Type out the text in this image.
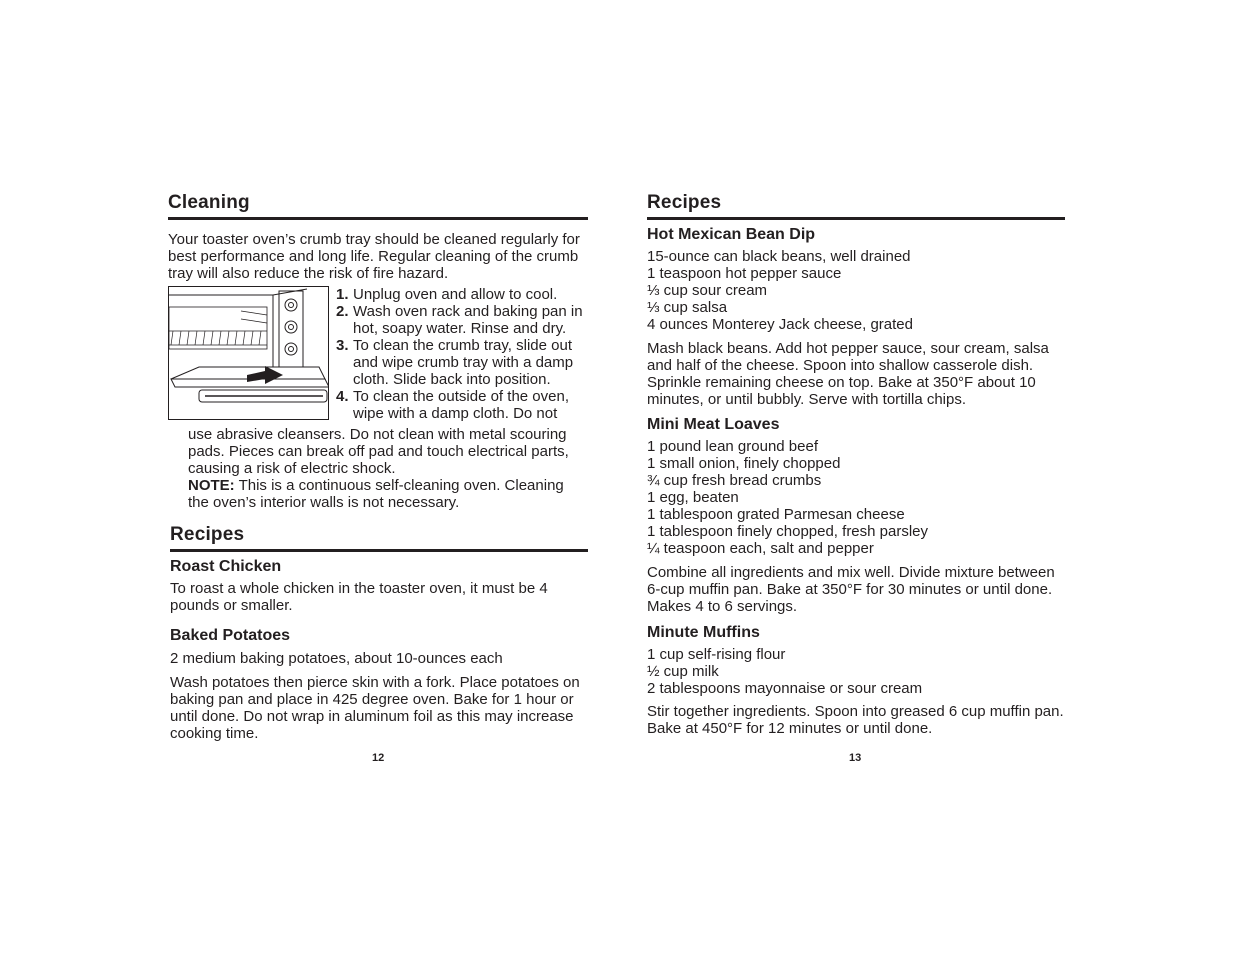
Cleaning

Your toaster oven’s crumb tray should be cleaned regularly for best performance and long life. Regular cleaning of the crumb tray will also reduce the risk of fire hazard.

1. Unplug oven and allow to cool.
2. Wash oven rack and baking pan in hot, soapy water. Rinse and dry.
3. To clean the crumb tray, slide out and wipe crumb tray with a damp cloth. Slide back into position.
4. To clean the outside of the oven, wipe with a damp cloth. Do not
use abrasive cleansers. Do not clean with metal scouring pads. Pieces can break off pad and touch electrical parts, causing a risk of electric shock.
NOTE: This is a continuous self-cleaning oven. Cleaning the oven’s interior walls is not necessary.
Recipes
Roast Chicken

To roast a whole chicken in the toaster oven, it must be 4 pounds or smaller.

Baked Potatoes

2 medium baking potatoes, about 10-ounces each

Wash potatoes then pierce skin with a fork. Place potatoes on baking pan and place in 425 degree oven. Bake for 1 hour or until done. Do not wrap in aluminum foil as this may increase cooking time.

12
Recipes
Hot Mexican Bean Dip
15-ounce can black beans, well drained
1 teaspoon hot pepper sauce
⅓ cup sour cream
⅓ cup salsa
4 ounces Monterey Jack cheese, grated

Mash black beans. Add hot pepper sauce, sour cream, salsa and half of the cheese. Spoon into shallow casserole dish. Sprinkle remaining cheese on top. Bake at 350°F about 10 minutes, or until bubbly. Serve with tortilla chips.

Mini Meat Loaves
1 pound lean ground beef
1 small onion, finely chopped
¾ cup fresh bread crumbs
1 egg, beaten
1 tablespoon grated Parmesan cheese
1 tablespoon finely chopped, fresh parsley
¼ teaspoon each, salt and pepper

Combine all ingredients and mix well. Divide mixture between 6-cup muffin pan. Bake at 350°F for 30 minutes or until done. Makes 4 to 6 servings.

Minute Muffins
1 cup self-rising flour
½ cup milk
2 tablespoons mayonnaise or sour cream

Stir together ingredients. Spoon into greased 6 cup muffin pan. Bake at 450°F for 12 minutes or until done.

13
